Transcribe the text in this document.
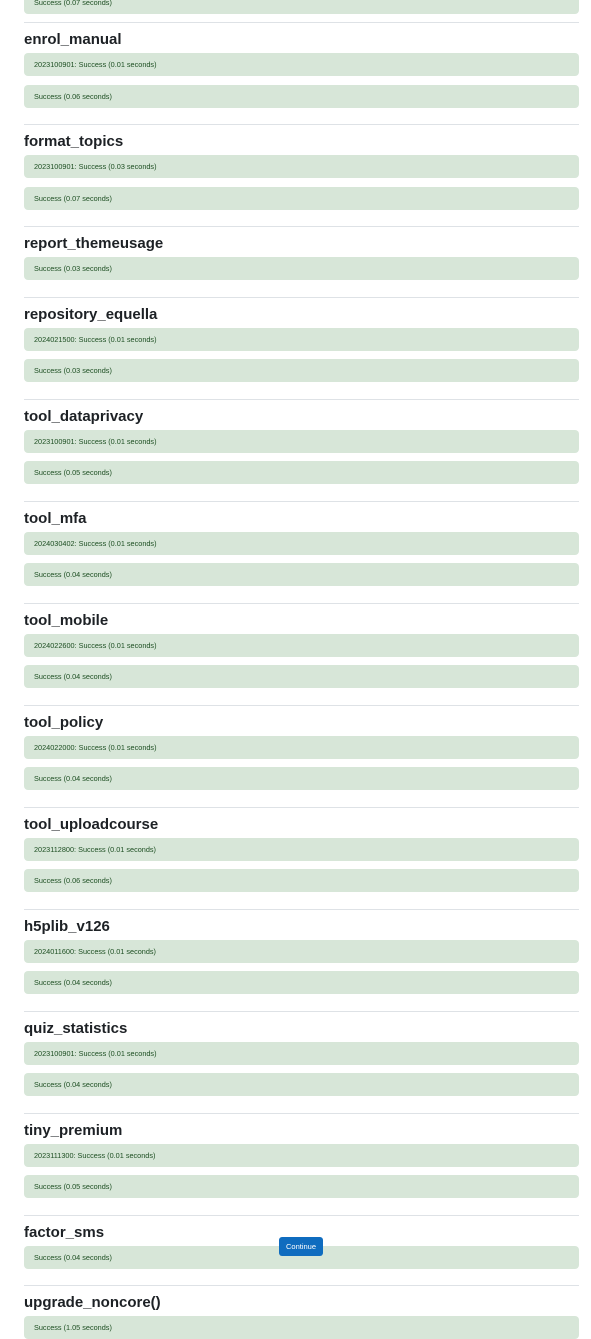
Success (0.07 seconds)
enrol_manual
2023100901: Success (0.01 seconds)
Success (0.06 seconds)
format_topics
2023100901: Success (0.03 seconds)
Success (0.07 seconds)
report_themeusage
Success (0.03 seconds)
repository_equella
2024021500: Success (0.01 seconds)
Success (0.03 seconds)
tool_dataprivacy
2023100901: Success (0.01 seconds)
Success (0.05 seconds)
tool_mfa
2024030402: Success (0.01 seconds)
Success (0.04 seconds)
tool_mobile
2024022600: Success (0.01 seconds)
Success (0.04 seconds)
tool_policy
2024022000: Success (0.01 seconds)
Success (0.04 seconds)
tool_uploadcourse
2023112800: Success (0.01 seconds)
Success (0.06 seconds)
h5plib_v126
2024011600: Success (0.01 seconds)
Success (0.04 seconds)
quiz_statistics
2023100901: Success (0.01 seconds)
Success (0.04 seconds)
tiny_premium
2023111300: Success (0.01 seconds)
Success (0.05 seconds)
factor_sms
Success (0.04 seconds)
upgrade_noncore()
Success (1.05 seconds)
Continue
